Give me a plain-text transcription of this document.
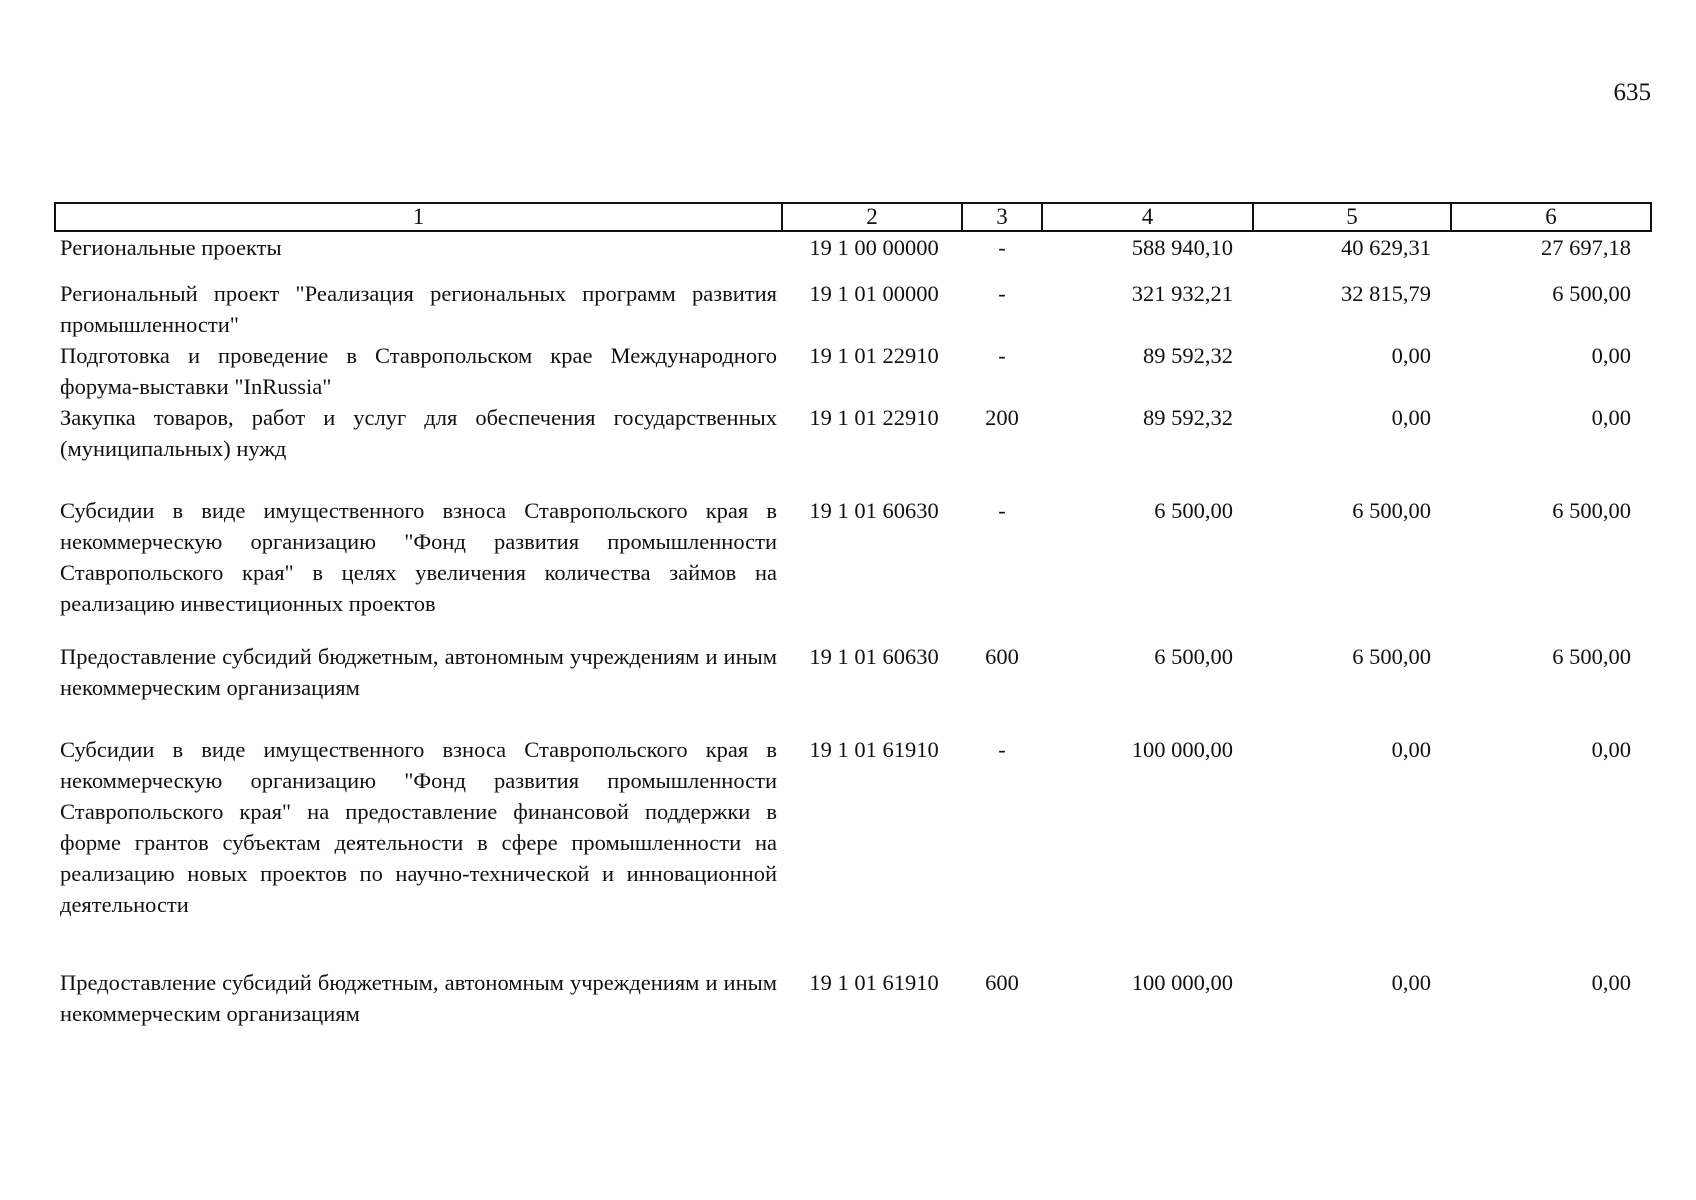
635
1	2	3	4	5	6
Региональные проекты	19 1 00 00000	-	588 940,10	40 629,31	27 697,18
Региональный проект "Реализация региональных программ развития промышленности"	19 1 01 00000	-	321 932,21	32 815,79	6 500,00
Подготовка и проведение в Ставропольском крае Международного форума-выставки "InRussia"	19 1 01 22910	-	89 592,32	0,00	0,00
Закупка товаров, работ и услуг для обеспечения государственных (муниципальных) нужд	19 1 01 22910	200	89 592,32	0,00	0,00
Субсидии в виде имущественного взноса Ставропольского края в некоммерческую организацию "Фонд развития промышленности Ставропольского края" в целях увеличения количества займов на реализацию инвестиционных проектов	19 1 01 60630	-	6 500,00	6 500,00	6 500,00
Предоставление субсидий бюджетным, автономным учреждениям и иным некоммерческим организациям	19 1 01 60630	600	6 500,00	6 500,00	6 500,00
Субсидии в виде имущественного взноса Ставропольского края в некоммерческую организацию "Фонд развития промышленности Ставропольского края" на предоставление финансовой поддержки в форме грантов субъектам деятельности в сфере промышленности на реализацию новых проектов по научно-технической и инновационной деятельности	19 1 01 61910	-	100 000,00	0,00	0,00
Предоставление субсидий бюджетным, автономным учреждениям и иным некоммерческим организациям	19 1 01 61910	600	100 000,00	0,00	0,00
